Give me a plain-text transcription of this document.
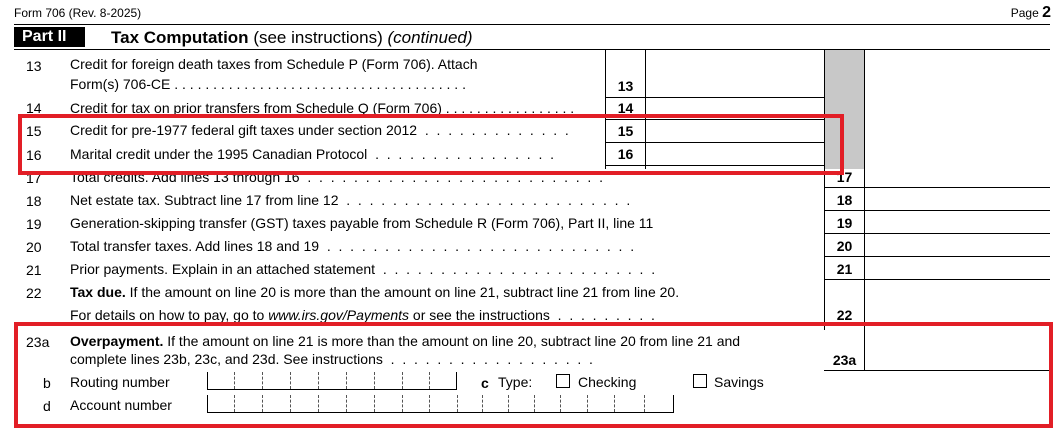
Form 706 (Rev. 8-2025)	Page 2
Part II	Tax Computation (see instructions) (continued)
13 Credit for foreign death taxes from Schedule P (Form 706). Attach
Form(s) 706-CE . . . . . . . . . . . . . . . . . . . . . . . . . . . . . . . . . . . . . .	13
14 Credit for tax on prior transfers from Schedule Q (Form 706) . . . . . . . . . . . . . . . . .	14
15 Credit for pre-1977 federal gift taxes under section 2012  .  .  .  .  .  .  .  .  .  .  .  .  .	15
16 Marital credit under the 1995 Canadian Protocol  .  .  .  .  .  .  .  .  .  .  .  .  .  .  .  .	16
17 Total credits. Add lines 13 through 16  .  .  .  .  .  .  .  .  .  .  .  .  .  .  .  .  .  .  .  .  .  .  .  .  .  .	17
18 Net estate tax. Subtract line 17 from line 12  .  .  .  .  .  .  .  .  .  .  .  .  .  .  .  .  .  .  .  .  .  .  .  .  .	18
19 Generation-skipping transfer (GST) taxes payable from Schedule R (Form 706), Part II, line 11	19
20 Total transfer taxes. Add lines 18 and 19  .  .  .  .  .  .  .  .  .  .  .  .  .  .  .  .  .  .  .  .  .  .  .  .  .  .  .	20
21 Prior payments. Explain in an attached statement  .  .  .  .  .  .  .  .  .  .  .  .  .  .  .  .  .  .  .  .  .  .  .  .	21
22 Tax due. If the amount on line 20 is more than the amount on line 21, subtract line 21 from line 20.
For details on how to pay, go to www.irs.gov/Payments or see the instructions  .  .  .  .  .  .  .  .  .	22
23a Overpayment. If the amount on line 21 is more than the amount on line 20, subtract line 20 from line 21 and
complete lines 23b, 23c, and 23d. See instructions  .  .  .  .  .  .  .  .  .  .  .  .  .  .  .  .  .  .	23a
b Routing number	c Type:	Checking	Savings
d Account number
